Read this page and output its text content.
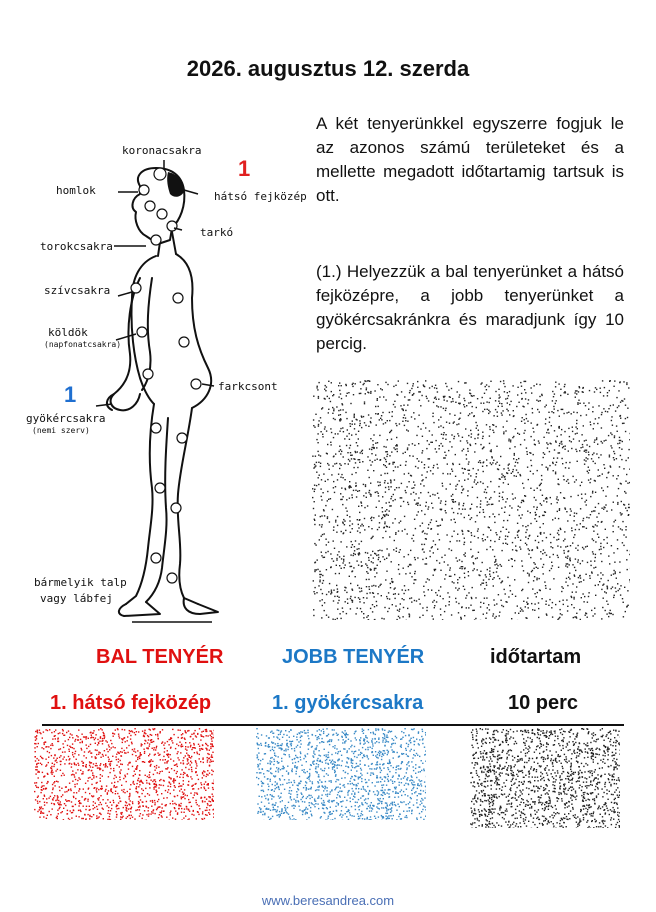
2026. augusztus 12. szerda
koronacsakra
1
homlok	hátsó fejközép
tarkó
torokcsakra
szívcsakra
köldök
(napfonatcsakra)
farkcsont
1
gyökércsakra
(nemi szerv)
bármelyik talp
vagy lábfej
A két tenyerünkkel egyszerre fogjuk le az azonos számú területeket és a mellette megadott időtartamig tartsuk is ott.
(1.) Helyezzük a bal tenyerünket a hátsó fejközépre, a jobb tenyerünket a gyökércsakránkra és maradjunk így 10 percig.
BAL TENYÉR	JOBB TENYÉR	időtartam
1. hátsó fejközép	1. gyökércsakra	10 perc
www.beresandrea.com
